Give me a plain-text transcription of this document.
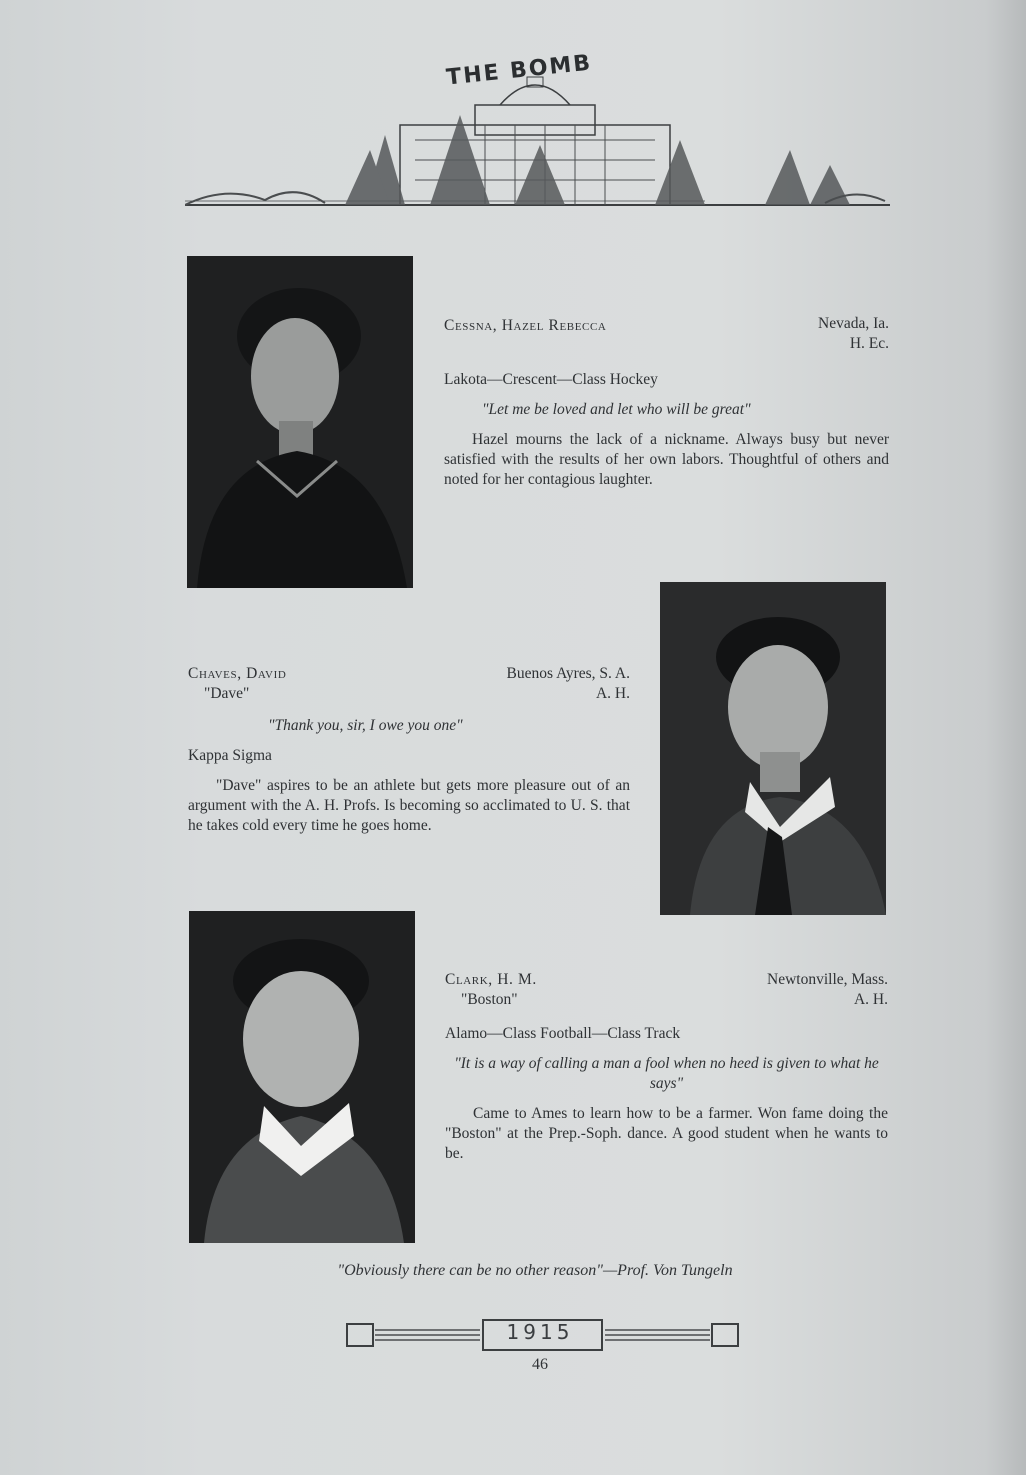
THE BOMB
Cessna, Hazel Rebecca	Nevada, Ia.
H. Ec.
Lakota—Crescent—Class Hockey
"Let me be loved and let who will be great"
Hazel mourns the lack of a nickname. Always busy but never satisfied with the results of her own labors. Thoughtful of others and noted for her contagious laughter.
Chaves, David
"Dave"
Buenos Ayres, S. A.
A. H.
"Thank you, sir, I owe you one"
Kappa Sigma
"Dave" aspires to be an athlete but gets more pleasure out of an argument with the A. H. Profs. Is becoming so acclimated to U. S. that he takes cold every time he goes home.
Clark, H. M.
"Boston"
Newtonville, Mass.
A. H.
Alamo—Class Football—Class Track
"It is a way of calling a man a fool when no heed is given to what he says"
Came to Ames to learn how to be a farmer. Won fame doing the "Boston" at the Prep.-Soph. dance. A good student when he wants to be.
"Obviously there can be no other reason"—Prof. Von Tungeln
1915
46
